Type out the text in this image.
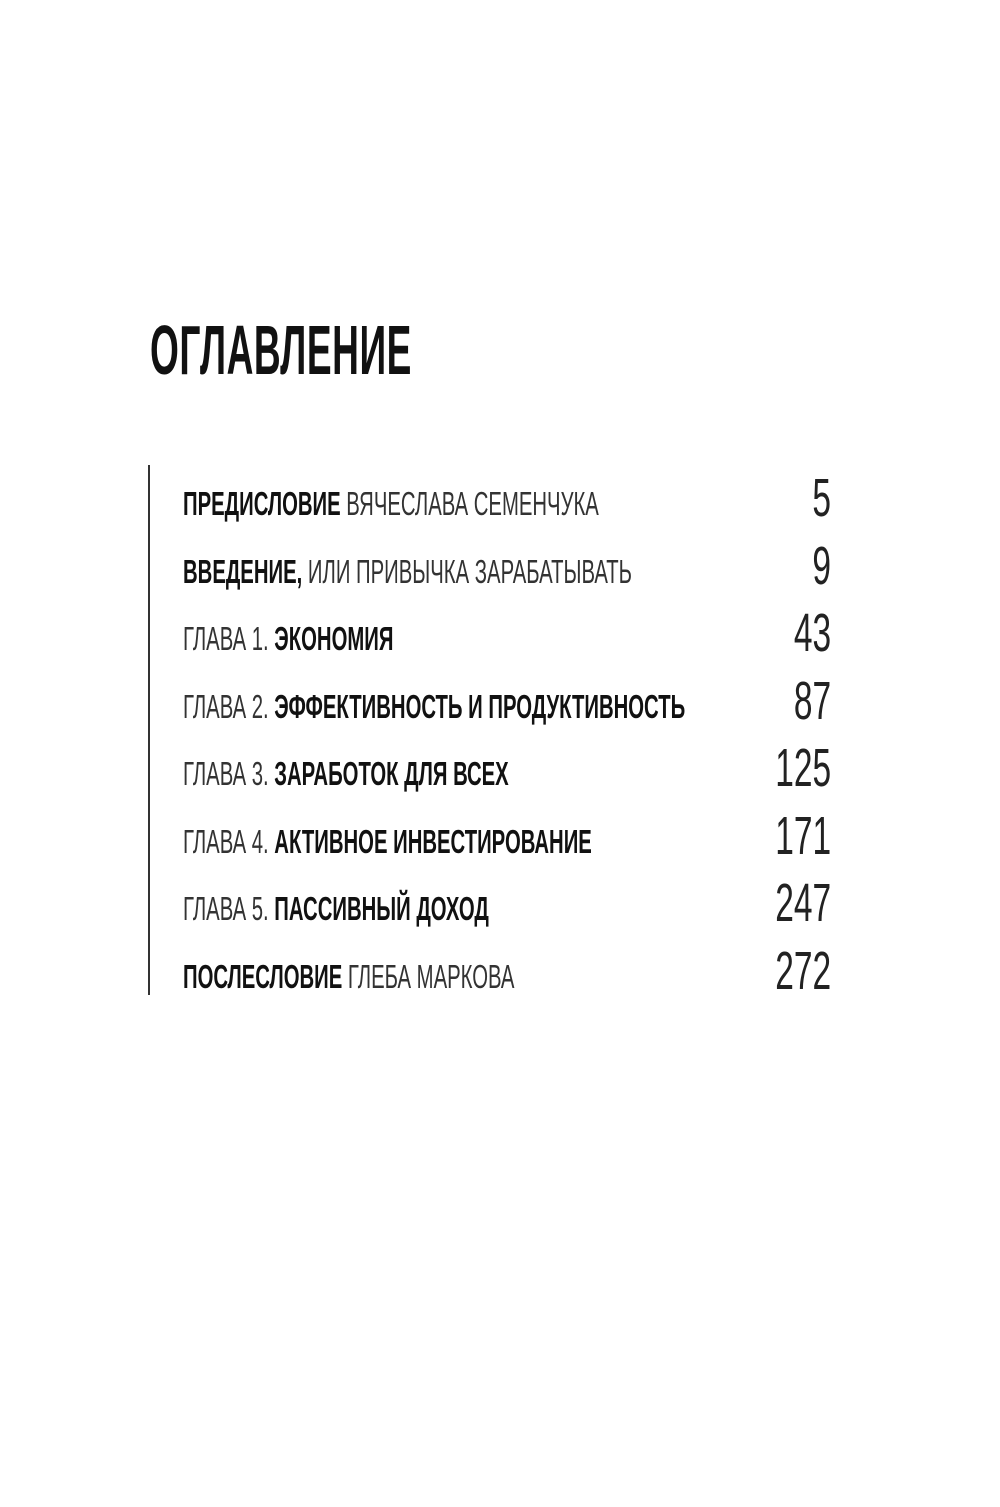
ОГЛАВЛЕНИЕ
ПРЕДИСЛОВИЕ ВЯЧЕСЛАВА СЕМЕНЧУКА	5
ВВЕДЕНИЕ, ИЛИ ПРИВЫЧКА ЗАРАБАТЫВАТЬ	9
ГЛАВА 1. ЭКОНОМИЯ	43
ГЛАВА 2. ЭФФЕКТИВНОСТЬ И ПРОДУКТИВНОСТЬ 87
ГЛАВА 3. ЗАРАБОТОК ДЛЯ ВСЕХ	125
ГЛАВА 4. АКТИВНОЕ ИНВЕСТИРОВАНИЕ	171
ГЛАВА 5. ПАССИВНЫЙ ДОХОД	247
ПОСЛЕСЛОВИЕ ГЛЕБА МАРКОВА	272
